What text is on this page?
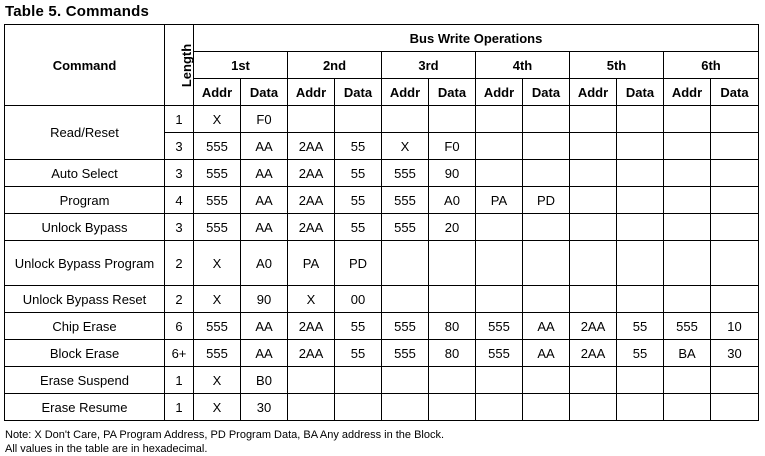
Table 5. Commands
Command	Length	Bus Write Operations											
		1st		2nd		3rd		4th		5th		6th	
		Addr	Data	Addr	Data	Addr	Data	Addr	Data	Addr	Data	Addr	Data
Read/Reset	1	X	F0										
	3	555	AA	2AA	55	X	F0						
Auto Select	3	555	AA	2AA	55	555	90						
Program	4	555	AA	2AA	55	555	A0	PA	PD				
Unlock Bypass	3	555	AA	2AA	55	555	20						
Unlock Bypass Program	2	X	A0	PA	PD								
Unlock Bypass Reset	2	X	90	X	00								
Chip Erase	6	555	AA	2AA	55	555	80	555	AA	2AA	55	555	10
Block Erase	6+	555	AA	2AA	55	555	80	555	AA	2AA	55	BA	30
Erase Suspend	1	X	B0										
Erase Resume	1	X	30										
Note: X Don't Care, PA Program Address, PD Program Data, BA Any address in the Block.
All values in the table are in hexadecimal.
